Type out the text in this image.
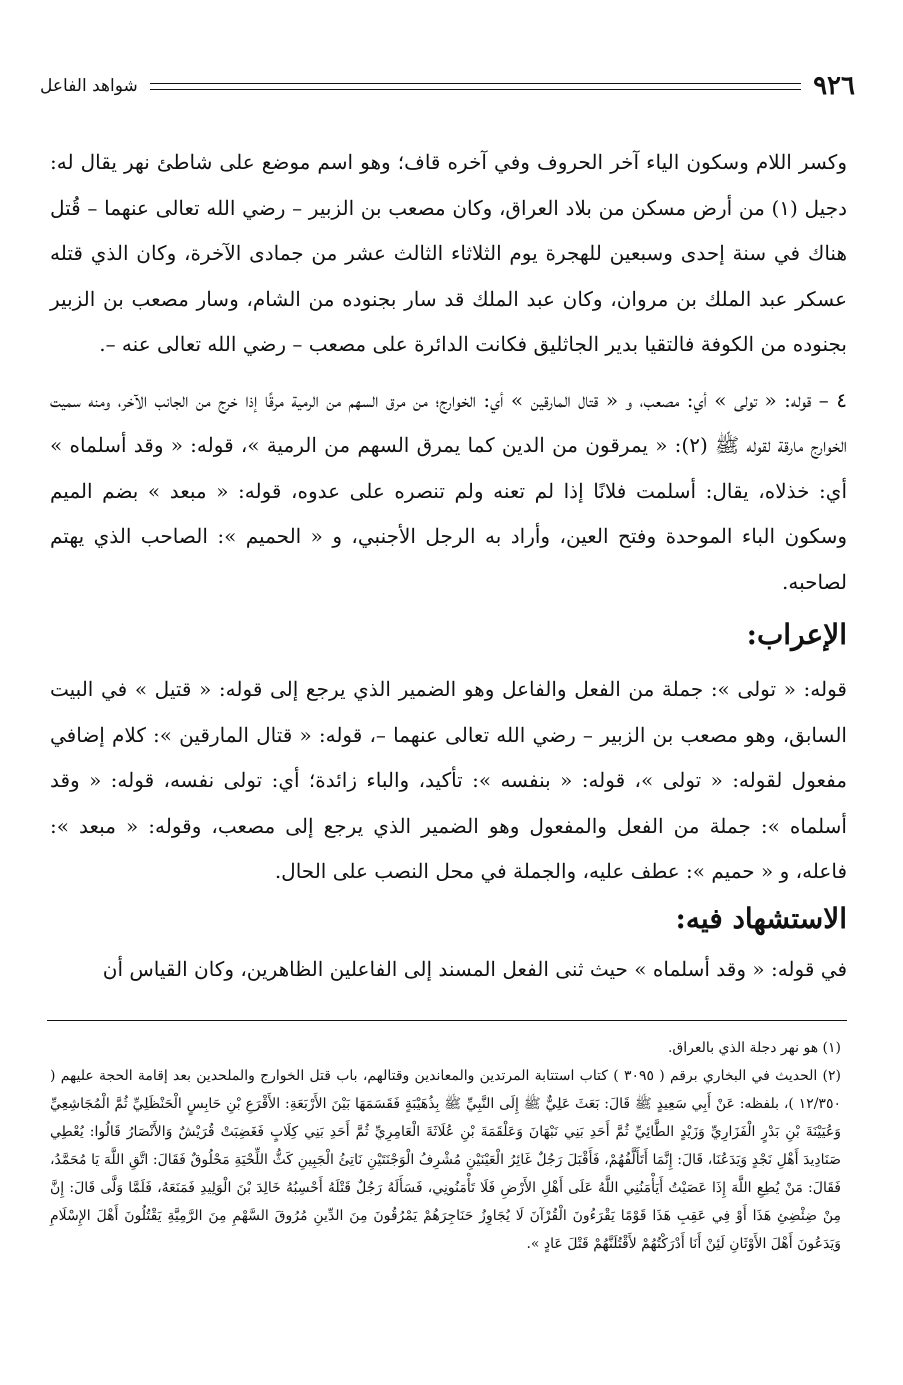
٩٢٦
شواهد الفاعل

وكسر اللام وسكون الياء آخر الحروف وفي آخره قاف؛ وهو اسم موضع على شاطئ نهر يقال له: دجيل (١) من أرض مسكن من بلاد العراق، وكان مصعب بن الزبير – رضي الله تعالى عنهما – قُتل هناك في سنة إحدى وسبعين للهجرة يوم الثلاثاء الثالث عشر من جمادى الآخرة، وكان الذي قتله عسكر عبد الملك بن مروان، وكان عبد الملك قد سار بجنوده من الشام، وسار مصعب بن الزبير بجنوده من الكوفة فالتقيا بدير الجاثليق فكانت الدائرة على مصعب – رضي الله تعالى عنه –.

٤ – قوله: « تولى » أي: مصعب، و « قتال المارقين » أي: الخوارج؛ من مرق السهم من الرمية مرقًا إذا خرج من الجانب الآخر، ومنه سميت الخوارج مارقة لقوله ﷺ (٢): « يمرقون من الدين كما يمرق السهم من الرمية »، قوله: « وقد أسلماه » أي: خذلاه، يقال: أسلمت فلانًا إذا لم تعنه ولم تنصره على عدوه، قوله: « مبعد » بضم الميم وسكون الباء الموحدة وفتح العين، وأراد به الرجل الأجنبي، و « الحميم »: الصاحب الذي يهتم لصاحبه.

الإعراب:

قوله: « تولى »: جملة من الفعل والفاعل وهو الضمير الذي يرجع إلى قوله: « قتيل » في البيت السابق، وهو مصعب بن الزبير – رضي الله تعالى عنهما –، قوله: « قتال المارقين »: كلام إضافي مفعول لقوله: « تولى »، قوله: « بنفسه »: تأكيد، والباء زائدة؛ أي: تولى نفسه، قوله: « وقد أسلماه »: جملة من الفعل والمفعول وهو الضمير الذي يرجع إلى مصعب، وقوله: « مبعد »: فاعله، و « حميم »: عطف عليه، والجملة في محل النصب على الحال.

الاستشهاد فيه:

في قوله: « وقد أسلماه » حيث ثنى الفعل المسند إلى الفاعلين الظاهرين، وكان القياس أن

(١) هو نهر دجلة الذي بالعراق.

(٢) الحديث في البخاري برقم ( ٣٠٩٥ ) كتاب استتابة المرتدين والمعاندين وقتالهم، باب قتل الخوارج والملحدين بعد إقامة الحجة عليهم ( ١٢/٣٥٠ )، بلفظه: عَنْ أَبِي سَعِيدٍ ﷺ قَالَ: بَعَثَ عَلِيٌّ ﷺ إِلَى النَّبِيِّ ﷺ بِذُهَيْبَةٍ فَقَسَمَهَا بَيْنَ الأَرْبَعَةِ: الأَقْرَعِ بْنِ حَابِسٍ الْحَنْظَلِيِّ ثُمَّ الْمُجَاشِعِيِّ وَعُيَيْنَةَ بْنِ بَدْرٍ الْفَزَارِيِّ وَزَيْدٍ الطَّائِيِّ ثُمَّ أَحَدِ بَنِي نَبْهَانَ وَعَلْقَمَةَ بْنِ عُلَاثَةَ الْعَامِرِيِّ ثُمَّ أَحَدِ بَنِي كِلَابٍ فَغَضِبَتْ قُرَيْشٌ وَالأَنْصَارُ قَالُوا: يُعْطِي صَنَادِيدَ أَهْلِ نَجْدٍ وَيَدَعُنَا، قَالَ: إِنَّمَا أَتَأَلَّفُهُمْ، فَأَقْبَلَ رَجُلٌ غَائِرُ الْعَيْنَيْنِ مُشْرِفُ الْوَجْنَتَيْنِ نَاتِئُ الْجَبِينِ كَثُّ اللِّحْيَةِ مَحْلُوقٌ فَقَالَ: اتَّقِ اللَّهَ يَا مُحَمَّدُ، فَقَالَ: مَنْ يُطِعِ اللَّهَ إِذَا عَصَيْتُ أَيَأْمَنُنِي اللَّهُ عَلَى أَهْلِ الأَرْضِ فَلَا تَأْمَنُونِي، فَسَأَلَهُ رَجُلٌ قَتْلَهُ أَحْسِبُهُ خَالِدَ بْنَ الْوَلِيدِ فَمَنَعَهُ، فَلَمَّا وَلَّى قَالَ: إِنَّ مِنْ ضِئْضِئِ هَذَا أَوْ فِي عَقِبِ هَذَا قَوْمًا يَقْرَءُونَ الْقُرْآنَ لَا يُجَاوِزُ حَنَاجِرَهُمْ يَمْرُقُونَ مِنَ الدِّينِ مُرُوقَ السَّهْمِ مِنَ الرَّمِيَّةِ يَقْتُلُونَ أَهْلَ الإِسْلَامِ وَيَدَعُونَ أَهْلَ الأَوْثَانِ لَئِنْ أَنَا أَدْرَكْتُهُمْ لأَقْتُلَنَّهُمْ قَتْلَ عَادٍ ».
